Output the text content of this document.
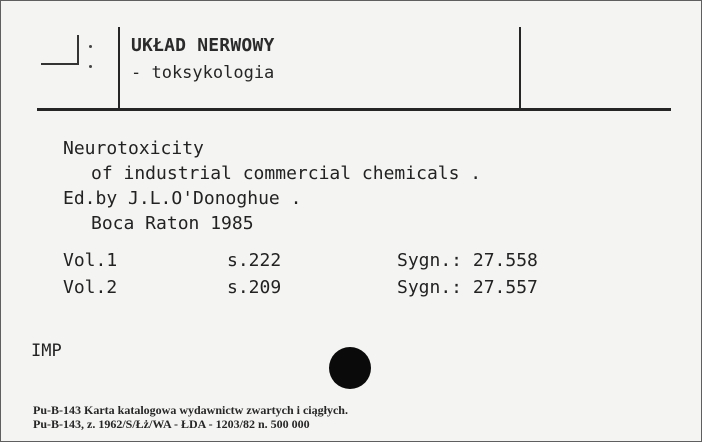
UKŁAD NERWOWY
- toksykologia
Neurotoxicity
of industrial commercial chemicals .
Ed.by J.L.O'Donoghue .
Boca Raton 1985
Vol.1	s.222	Sygn.: 27.558
Vol.2	s.209	Sygn.: 27.557
IMP
Pu-B-143 Karta katalogowa wydawnictw zwartych i ciągłych.
Pu-B-143, z. 1962/S/Łż/WA - ŁDA - 1203/82 n. 500 000
